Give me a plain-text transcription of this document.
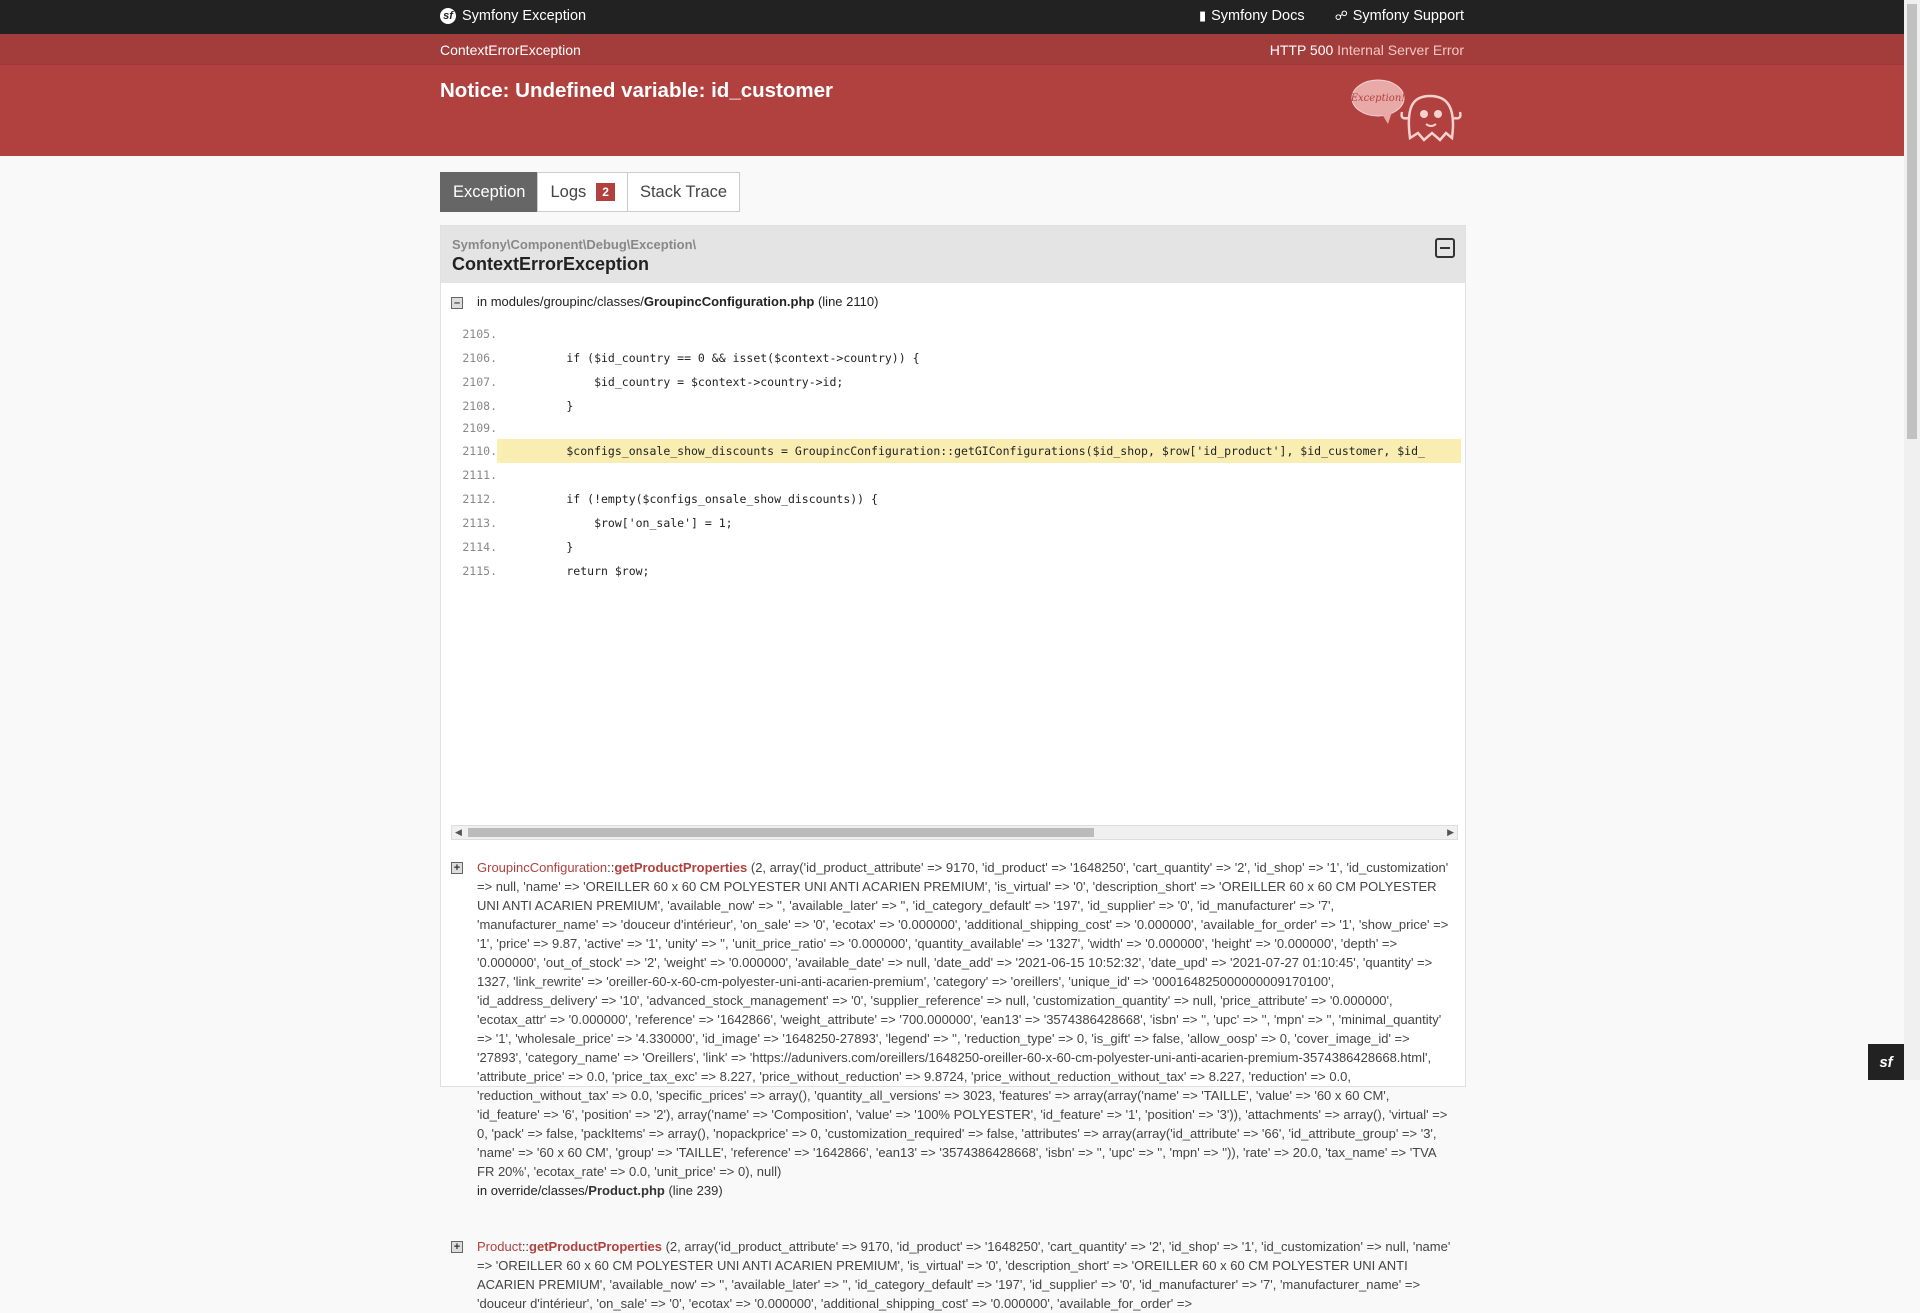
sf Symfony Exception	▮ Symfony Docs ☍ Symfony Support
ContextErrorException	HTTP 500 Internal Server Error
Notice: Undefined variable: id_customer	Exception!
Exception Logs	2	Stack Trace
Symfony\Component\Debug\Exception\
ContextErrorException
– in modules/groupinc/classes/GroupincConfiguration.php (line 2110)
2105.
2106. if ($id_country == 0 && isset($context->country)) {
2107. $id_country = $context->country->id;
2108. }
2109.
2110. $configs_onsale_show_discounts = GroupincConfiguration::getGIConfigurations($id_shop, $row['id_product'], $id_customer, $id_
2111.
2112. if (!empty($configs_onsale_show_discounts)) {
2113. $row['on_sale'] = 1;
2114. }
2115. return $row;
◀	▶
+ GroupincConfiguration::getProductProperties (2, array('id_product_attribute' => 9170, 'id_product' => '1648250', 'cart_quantity' => '2', 'id_shop' => '1', 'id_customization' => null, 'name' => 'OREILLER 60 x 60 CM POLYESTER UNI ANTI ACARIEN PREMIUM', 'is_virtual' => '0', 'description_short' => 'OREILLER 60 x 60 CM POLYESTER UNI ANTI ACARIEN PREMIUM', 'available_now' => '', 'available_later' => '', 'id_category_default' => '197', 'id_supplier' => '0', 'id_manufacturer' => '7', 'manufacturer_name' => 'douceur d'intérieur', 'on_sale' => '0', 'ecotax' => '0.000000', 'additional_shipping_cost' => '0.000000', 'available_for_order' => '1', 'show_price' => '1', 'price' => 9.87, 'active' => '1', 'unity' => '', 'unit_price_ratio' => '0.000000', 'quantity_available' => '1327', 'width' => '0.000000', 'height' => '0.000000', 'depth' => '0.000000', 'out_of_stock' => '2', 'weight' => '0.000000', 'available_date' => null, 'date_add' => '2021-06-15 10:52:32', 'date_upd' => '2021-07-27 01:10:45', 'quantity' => 1327, 'link_rewrite' => 'oreiller-60-x-60-cm-polyester-uni-anti-acarien-premium', 'category' => 'oreillers', 'unique_id' => '000164825000000009170100', 'id_address_delivery' => '10', 'advanced_stock_management' => '0', 'supplier_reference' => null, 'customization_quantity' => null, 'price_attribute' => '0.000000', 'ecotax_attr' => '0.000000', 'reference' => '1642866', 'weight_attribute' => '700.000000', 'ean13' => '3574386428668', 'isbn' => '', 'upc' => '', 'mpn' => '', 'minimal_quantity' => '1', 'wholesale_price' => '4.330000', 'id_image' => '1648250-27893', 'legend' => '', 'reduction_type' => 0, 'is_gift' => false, 'allow_oosp' => 0, 'cover_image_id' => '27893', 'category_name' => 'Oreillers', 'link' => 'https://adunivers.com/oreillers/1648250-oreiller-60-x-60-cm-polyester-uni-anti-acarien-premium-3574386428668.html', 'attribute_price' => 0.0, 'price_tax_exc' => 8.227, 'price_without_reduction' => 9.8724, 'price_without_reduction_without_tax' => 8.227, 'reduction' => 0.0, 'reduction_without_tax' => 0.0, 'specific_prices' => array(), 'quantity_all_versions' => 3023, 'features' => array(array('name' => 'TAILLE', 'value' => '60 x 60 CM', 'id_feature' => '6', 'position' => '2'), array('name' => 'Composition', 'value' => '100% POLYESTER', 'id_feature' => '1', 'position' => '3')), 'attachments' => array(), 'virtual' => 0, 'pack' => false, 'packItems' => array(), 'nopackprice' => 0, 'customization_required' => false, 'attributes' => array(array('id_attribute' => '66', 'id_attribute_group' => '3', 'name' => '60 x 60 CM', 'group' => 'TAILLE', 'reference' => '1642866', 'ean13' => '3574386428668', 'isbn' => '', 'upc' => '', 'mpn' => '')), 'rate' => 20.0, 'tax_name' => 'TVA FR 20%', 'ecotax_rate' => 0.0, 'unit_price' => 0), null)
in override/classes/Product.php (line 239)
+ Product::getProductProperties (2, array('id_product_attribute' => 9170, 'id_product' => '1648250', 'cart_quantity' => '2', 'id_shop' => '1', 'id_customization' => null, 'name' => 'OREILLER 60 x 60 CM POLYESTER UNI ANTI ACARIEN PREMIUM', 'is_virtual' => '0', 'description_short' => 'OREILLER 60 x 60 CM POLYESTER UNI ANTI ACARIEN PREMIUM', 'available_now' => '', 'available_later' => '', 'id_category_default' => '197', 'id_supplier' => '0', 'id_manufacturer' => '7', 'manufacturer_name' => 'douceur d'intérieur', 'on_sale' => '0', 'ecotax' => '0.000000', 'additional_shipping_cost' => '0.000000', 'available_for_order' =>
sf
